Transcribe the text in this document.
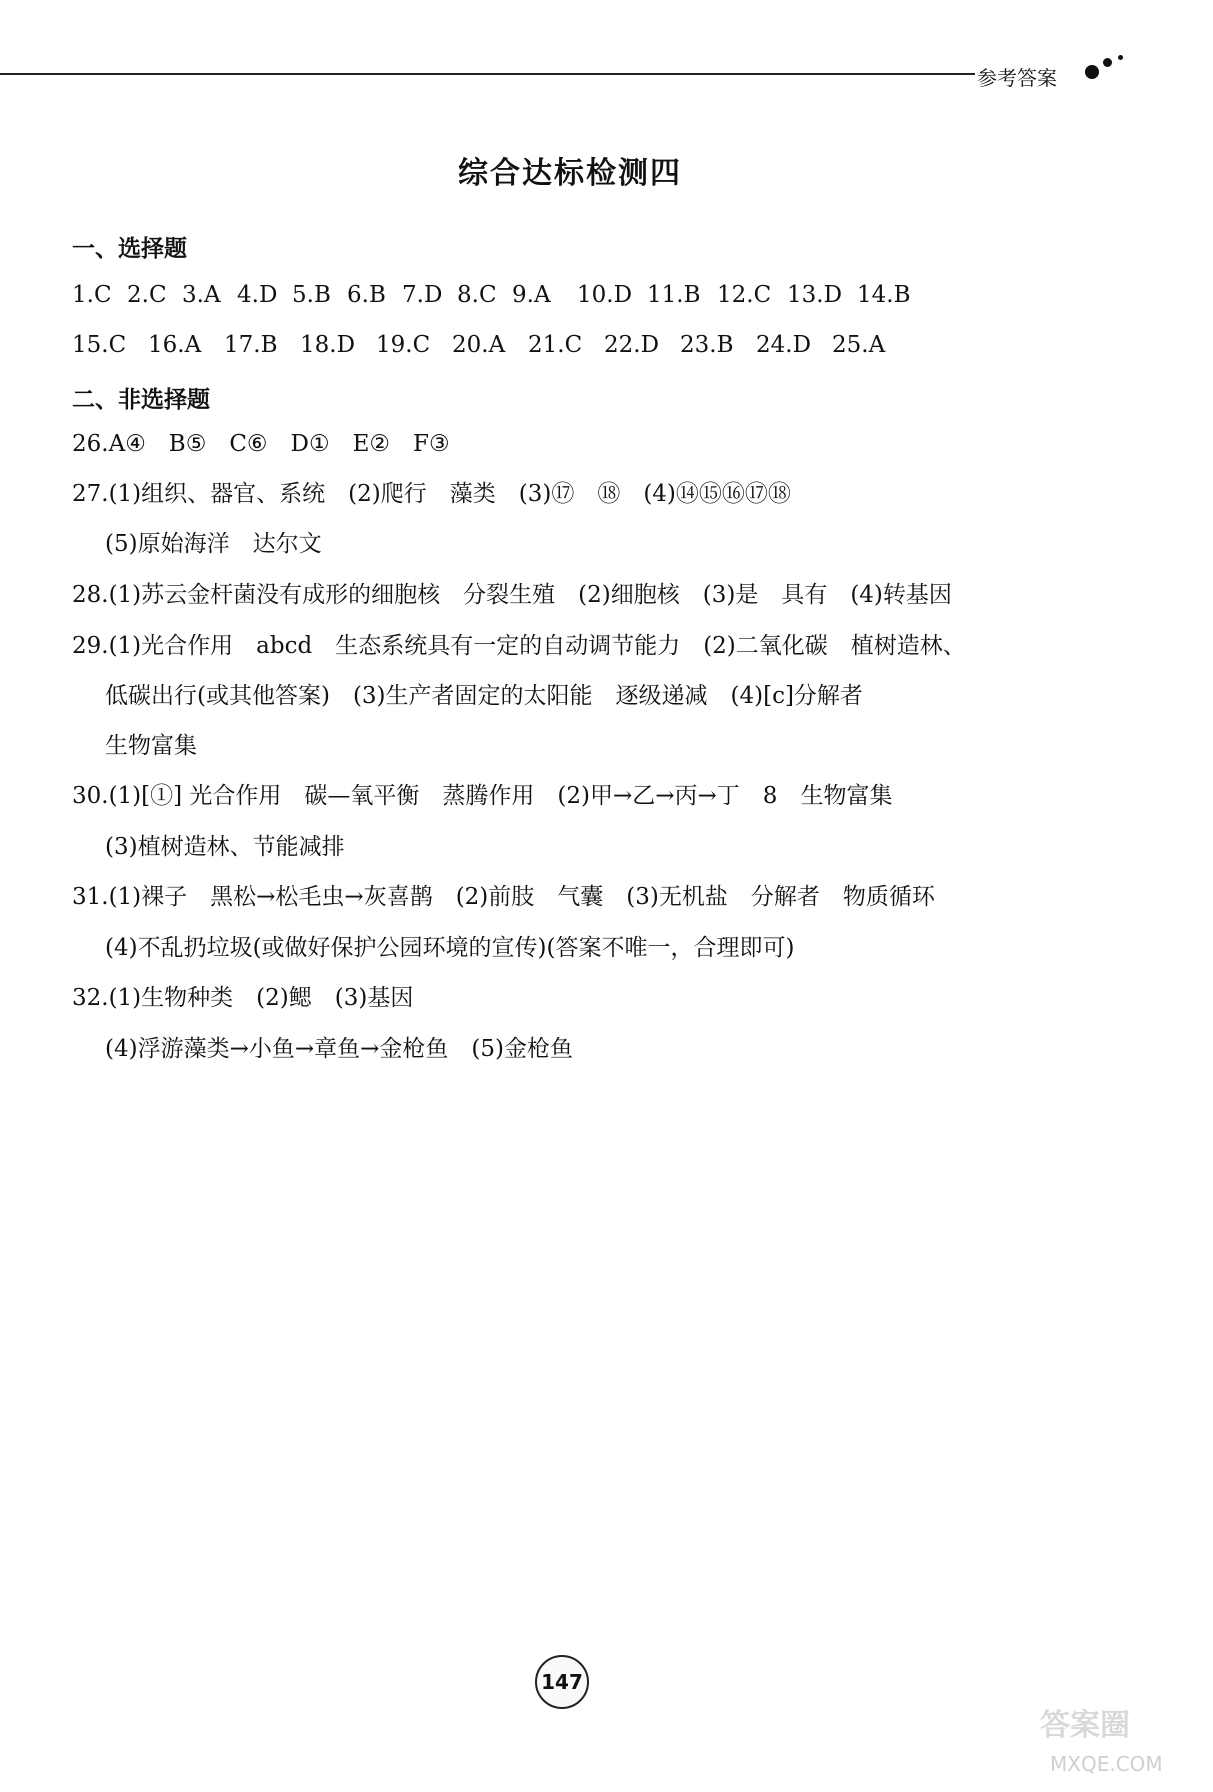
参考答案
综合达标检测四
一、选择题
1.C 2.C 3.A 4.D 5.B 6.B 7.D 8.C 9.A	10.D 11.B 12.C 13.D 14.B
15.C 16.A 17.B 18.D 19.C 20.A 21.C 22.D 23.B 24.D 25.A
二、非选择题
26.A④　B⑤　C⑥　D①　E②　F③
27.(1)组织、器官、系统　(2)爬行　藻类　(3)⑰　⑱　(4)⑭⑮⑯⑰⑱
(5)原始海洋　达尔文
28.(1)苏云金杆菌没有成形的细胞核　分裂生殖　(2)细胞核　(3)是　具有　(4)转基因
29.(1)光合作用　abcd　生态系统具有一定的自动调节能力　(2)二氧化碳　植树造林、
低碳出行(或其他答案)　(3)生产者固定的太阳能　逐级递减　(4)[c]分解者
生物富集
30.(1)[①] 光合作用　碳—氧平衡　蒸腾作用　(2)甲→乙→丙→丁　8　生物富集
(3)植树造林、节能减排
31.(1)裸子　黑松→松毛虫→灰喜鹊　(2)前肢　气囊　(3)无机盐　分解者　物质循环
(4)不乱扔垃圾(或做好保护公园环境的宣传)(答案不唯一，合理即可)
32.(1)生物种类　(2)鳃　(3)基因
(4)浮游藻类→小鱼→章鱼→金枪鱼　(5)金枪鱼
147
答案圈
MXQE.COM
